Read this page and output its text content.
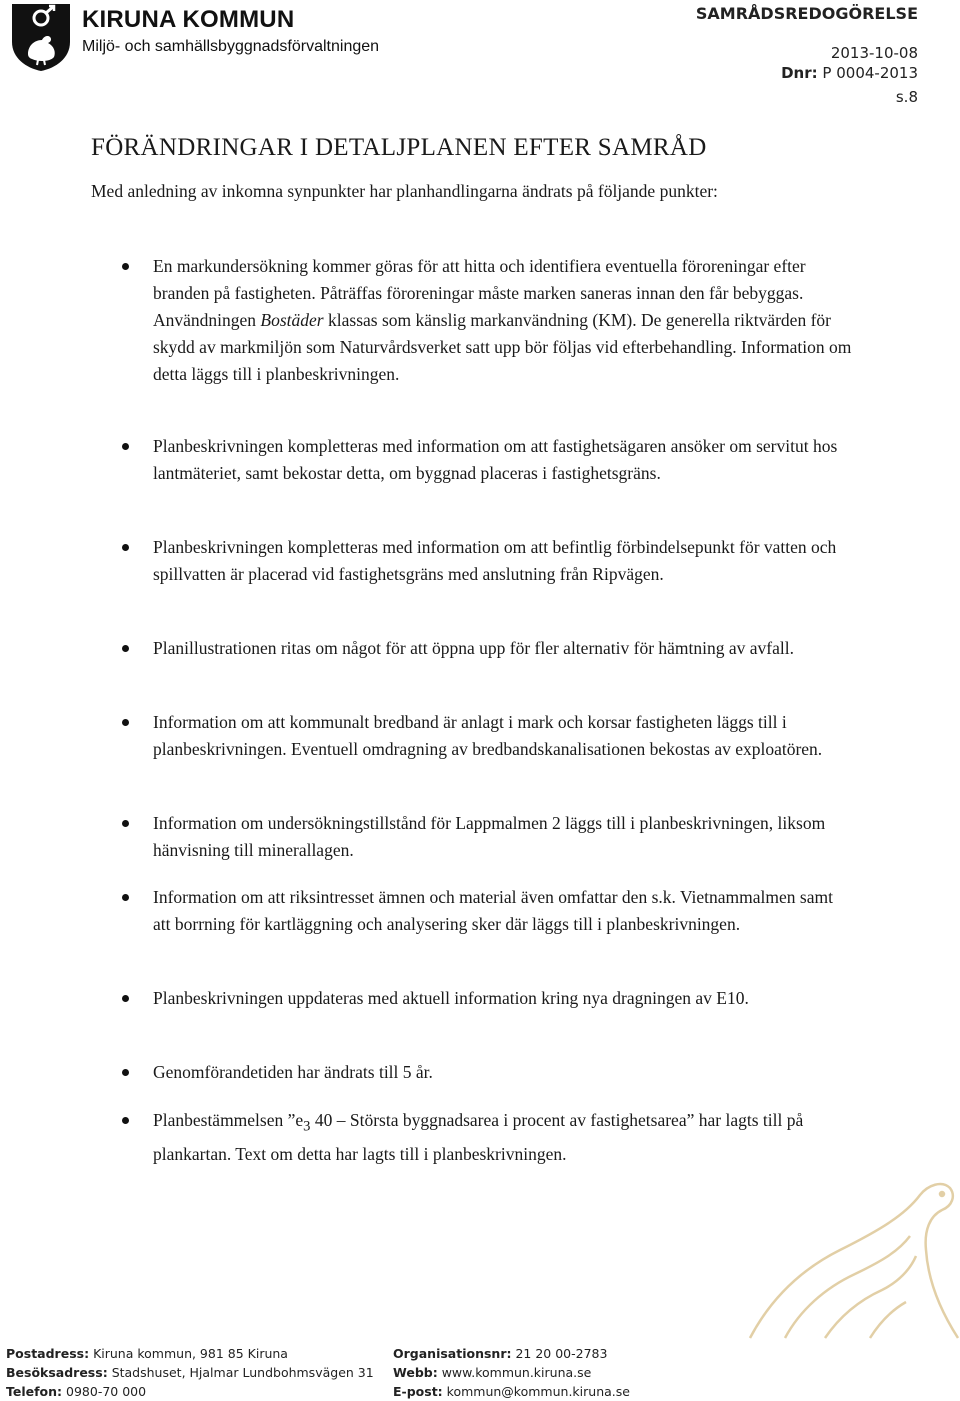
KIRUNA KOMMUN
Miljö- och samhällsbyggnadsförvaltningen
SAMRÅDSREDOGÖRELSE
2013-10-08
Dnr: P 0004-2013
s.8
FÖRÄNDRINGAR I DETALJPLANEN EFTER SAMRÅD

Med anledning av inkomna synpunkter har planhandlingarna ändrats på följande punkter:

En markundersökning kommer göras för att hitta och identifiera eventuella föroreningar efter branden på fastigheten. Påträffas föroreningar måste marken saneras innan den får bebyggas. Användningen Bostäder klassas som känslig markanvändning (KM). De generella riktvärden för skydd av markmiljön som Naturvårdsverket satt upp bör följas vid efterbehandling. Information om detta läggs till i planbeskrivningen.
Planbeskrivningen kompletteras med information om att fastighetsägaren ansöker om servitut hos lantmäteriet, samt bekostar detta, om byggnad placeras i fastighetsgräns.
Planbeskrivningen kompletteras med information om att befintlig förbindelsepunkt för vatten och spillvatten är placerad vid fastighetsgräns med anslutning från Ripvägen.
Planillustrationen ritas om något för att öppna upp för fler alternativ för hämtning av avfall.
Information om att kommunalt bredband är anlagt i mark och korsar fastigheten läggs till i planbeskrivningen. Eventuell omdragning av bredbandskanalisationen bekostas av exploatören.
Information om undersökningstillstånd för Lappmalmen 2 läggs till i planbeskrivningen, liksom hänvisning till minerallagen.
Information om att riksintresset ämnen och material även omfattar den s.k. Vietnammalmen samt att borrning för kartläggning och analysering sker där läggs till i planbeskrivningen.
Planbeskrivningen uppdateras med aktuell information kring nya dragningen av E10.
Genomförandetiden har ändrats till 5 år.
Planbestämmelsen $”e_3$ 40 – Största byggnadsarea i procent av fastighetsarea” har lagts till på plankartan. Text om detta har lagts till i planbeskrivningen.
Postadress: Kiruna kommun, 981 85 Kiruna
Besöksadress: Stadshuset, Hjalmar Lundbohmsvägen 31
Telefon: 0980-70 000
Organisationsnr: 21 20 00-2783
Webb: www.kommun.kiruna.se
E-post: kommun@kommun.kiruna.se
